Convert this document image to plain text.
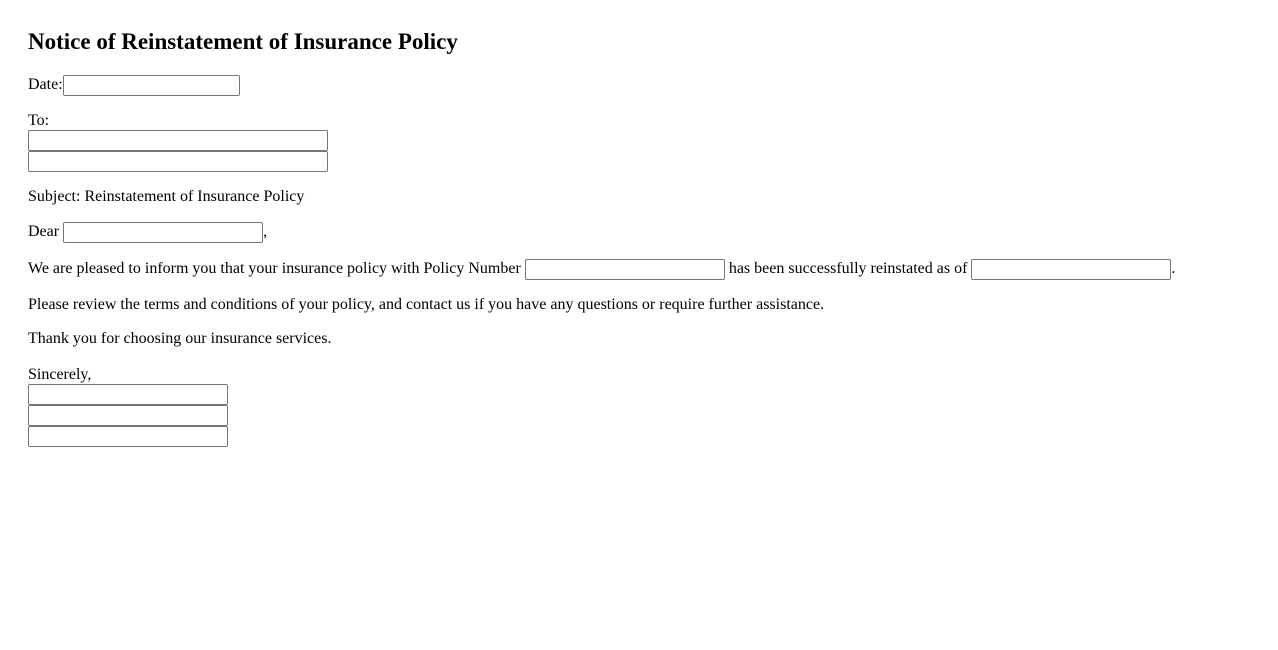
Notice of Reinstatement of Insurance Policy
Date:
To:
Subject: Reinstatement of Insurance Policy
Dear	,
We are pleased to inform you that your insurance policy with Policy Number	has been successfully reinstated as of	.
Please review the terms and conditions of your policy, and contact us if you have any questions or require further assistance.
Thank you for choosing our insurance services.
Sincerely,
